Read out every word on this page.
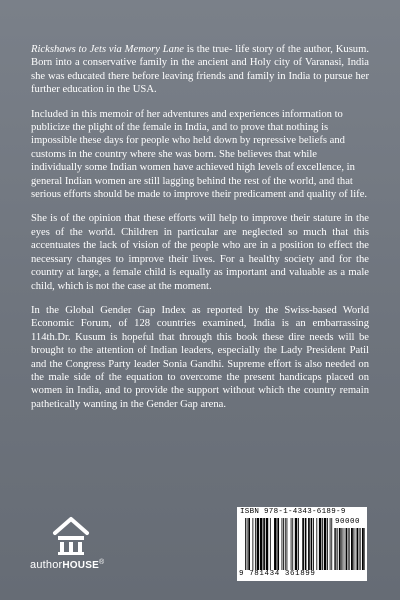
Rickshaws to Jets via Memory Lane is the true- life story of the author, Kusum. Born into a conservative family in the ancient and Holy city of Varanasi, India she was educated there before leaving friends and family in India to pursue her further education in the USA.

Included in this memoir of her adventures and experiences information to publicize the plight of the female in India, and to prove that nothing is impossible these days for people who held down by repressive beliefs and customs in the country where she was born. She believes that while individually some Indian women have achieved high levels of excellence, in general Indian women are still lagging behind the rest of the world, and that serious efforts should be made to improve their predicament and quality of life.

She is of the opinion that these efforts will help to improve their stature in the eyes of the world. Children in particular are neglected so much that this accentuates the lack of vision of the people who are in a position to effect the necessary changes to improve their lives. For a healthy society and for the country at large, a female child is equally as important and valuable as a male child, which is not the case at the moment.

In the Global Gender Gap Index as reported by the Swiss-based World Economic Forum, of 128 countries examined, India is an embarrassing 114th.Dr. Kusum is hopeful that through this book these dire needs will be brought to the attention of Indian leaders, especially the Lady President Patil and the Congress Party leader Sonia Gandhi. Supreme effort is also needed on the male side of the equation to overcome the present handicaps placed on women in India, and to provide the support without which the country remain pathetically wanting in the Gender Gap arena.

authorHOUSE®
ISBN 978-1-4343-6189-9
90000
9 781434 361899
